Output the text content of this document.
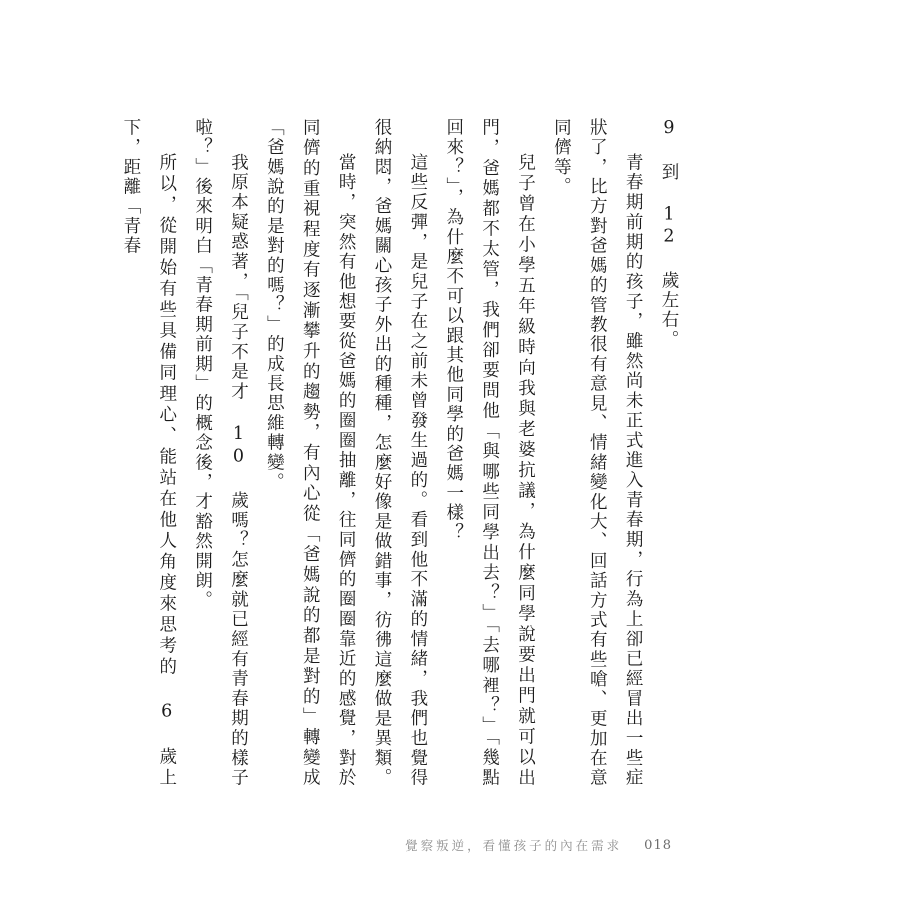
9 到 12 歲左右。

青春期前期的孩子，雖然尚未正式進入青春期，行為上卻已經冒出一些症狀了，比方對爸媽的管教很有意見、情緒變化大、回話方式有些嗆、更加在意同儕等。

兒子曾在小學五年級時向我與老婆抗議，為什麼同學說要出門就可以出門，爸媽都不太管，我們卻要問他「與哪些同學出去？」「去哪裡？」「幾點回來？」，為什麼不可以跟其他同學的爸媽一樣？

這些反彈，是兒子在之前未曾發生過的。看到他不滿的情緒，我們也覺得很納悶，爸媽關心孩子外出的種種，怎麼好像是做錯事，彷彿這麼做是異類。

當時，突然有他想要從爸媽的圈圈抽離，往同儕的圈圈靠近的感覺，對於同儕的重視程度有逐漸攀升的趨勢，有內心從「爸媽說的都是對的」轉變成「爸媽說的是對的嗎？」的成長思維轉變。

我原本疑惑著，「兒子不是才 10 歲嗎？怎麼就已經有青春期的樣子啦？」後來明白「青春期前期」的概念後，才豁然開朗。

所以，從開始有些具備同理心、能站在他人角度來思考的 6 歲上下，距離「青春

覺察叛逆，看懂孩子的內在需求 018
